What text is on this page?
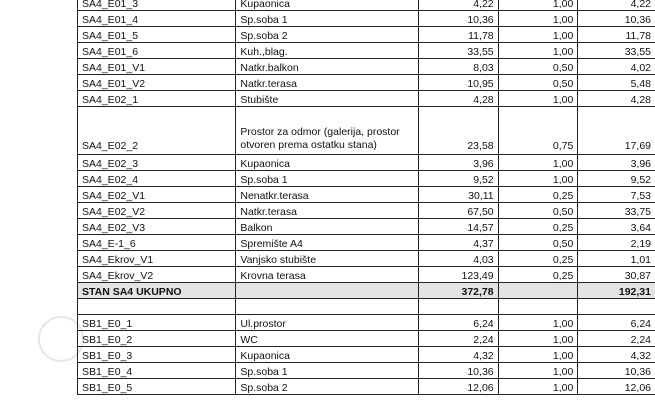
SA4_E01_3	Kupaonica	4,22	1,00	4,22
SA4_E01_4	Sp.soba 1	10,36	1,00	10,36
SA4_E01_5	Sp.soba 2	11,78	1,00	11,78
SA4_E01_6	Kuh.,blag.	33,55	1,00	33,55
SA4_E01_V1	Natkr.balkon	8,03	0,50	4,02
SA4_E01_V2	Natkr.terasa	10,95	0,50	5,48
SA4_E02_1	Stubište	4,28	1,00	4,28
SA4_E02_2	Prostor za odmor (galerija, prostor otvoren prema ostatku stana)	23,58	0,75	17,69
SA4_E02_3	Kupaonica	3,96	1,00	3,96
SA4_E02_4	Sp.soba 1	9,52	1,00	9,52
SA4_E02_V1	Nenatkr.terasa	30,11	0,25	7,53
SA4_E02_V2	Natkr.terasa	67,50	0,50	33,75
SA4_E02_V3	Balkon	14,57	0,25	3,64
SA4_E-1_6	Spremište A4	4,37	0,50	2,19
SA4_Ekrov_V1	Vanjsko stubište	4,03	0,25	1,01
SA4_Ekrov_V2	Krovna terasa	123,49	0,25	30,87
STAN SA4 UKUPNO		372,78		192,31

SB1_E0_1	Ul.prostor	6,24	1,00	6,24
SB1_E0_2	WC	2,24	1,00	2,24
SB1_E0_3	Kupaonica	4,32	1,00	4,32
SB1_E0_4	Sp.soba 1	10,36	1,00	10,36
SB1_E0_5	Sp.soba 2	12,06	1,00	12,06
